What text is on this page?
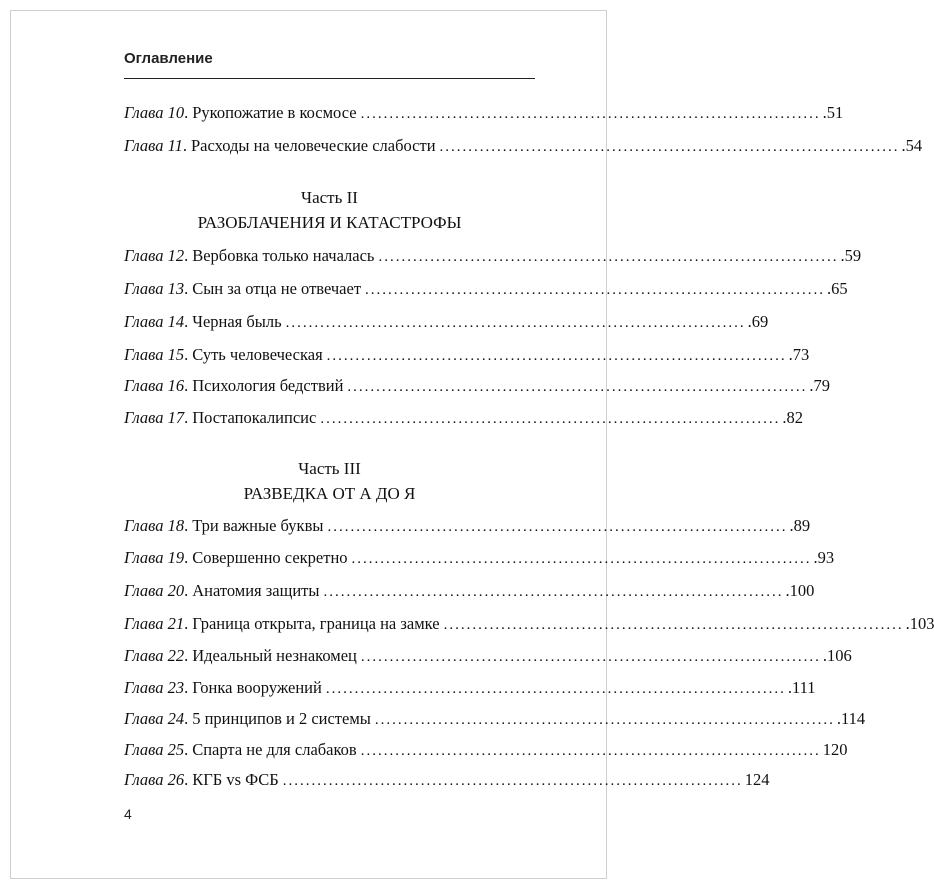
Оглавление
Глава 10 . Рукопожатие в космосе ................................................................................ .51
Глава 11 . Расходы на человеческие слабости ................................................................................ .54
Часть II
РАЗОБЛАЧЕНИЯ И КАТАСТРОФЫ
Глава 12 . Вербовка только началась ................................................................................ .59
Глава 13 . Сын за отца не отвечает ................................................................................ .65
Глава 14 . Черная быль ................................................................................ .69
Глава 15 . Суть человеческая ................................................................................ .73
Глава 16 . Психология бедствий ................................................................................ .79
Глава 17 . Постапокалипсис ................................................................................ .82
Часть III
РАЗВЕДКА ОТ А ДО Я
Глава 18 . Три важные буквы ................................................................................ .89
Глава 19 . Совершенно секретно ................................................................................ .93
Глава 20 . Анатомия защиты ................................................................................ .100
Глава 21 . Граница открыта, граница на замке ................................................................................ .103
Глава 22 . Идеальный незнакомец ................................................................................ .106
Глава 23 . Гонка вооружений ................................................................................ .111
Глава 24 . 5 принципов и 2 системы ................................................................................ .114
Глава 25 . Спарта не для слабаков ................................................................................ 120
Глава 26 . КГБ vs ФСБ ................................................................................ 124
4
